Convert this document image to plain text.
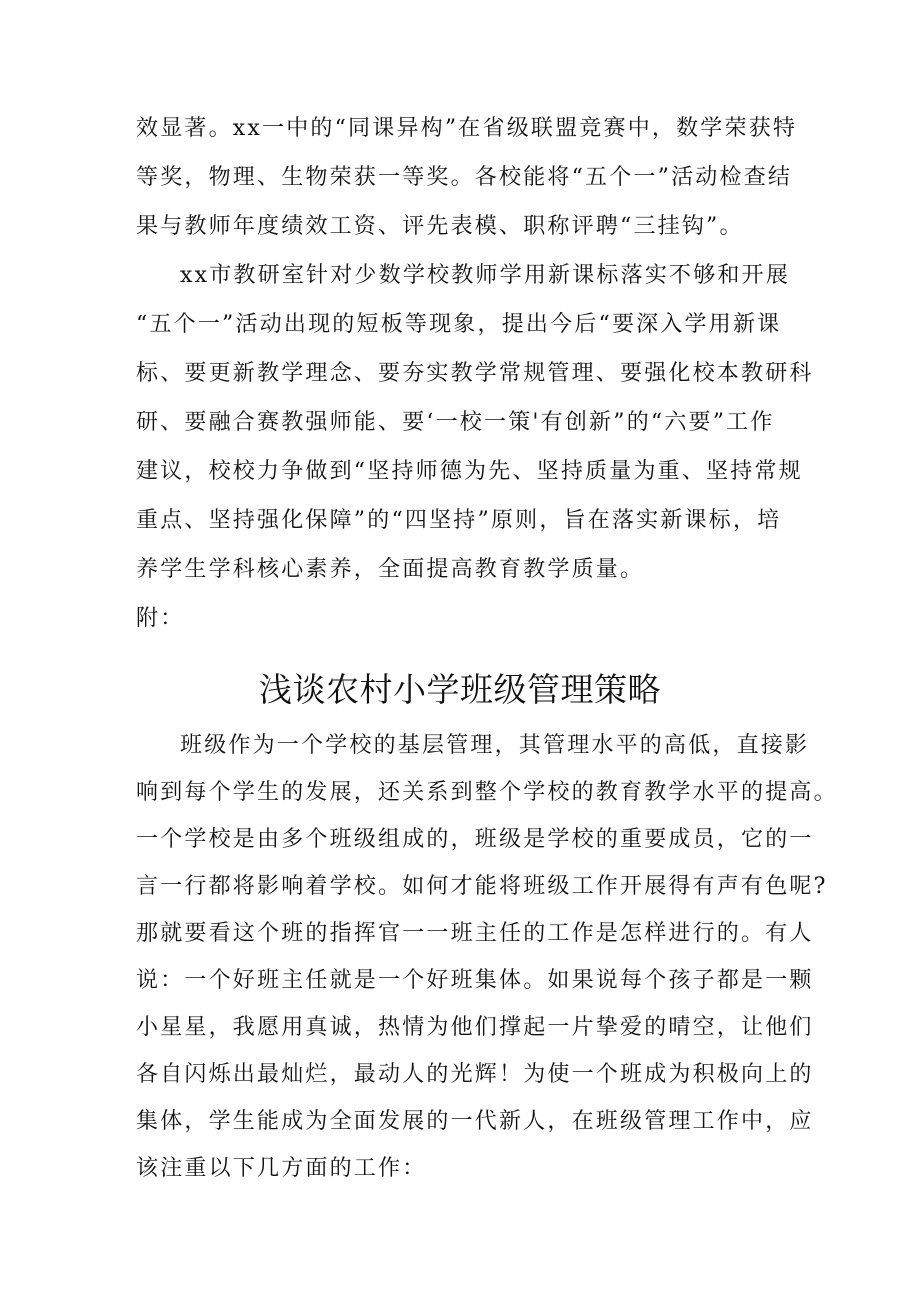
效显著。xx一中的“同课异构”在省级联盟竞赛中，数学荣获特
等奖，物理、生物荣获一等奖。各校能将“五个一”活动检查结
果与教师年度绩效工资、评先表模、职称评聘“三挂钩”。
xx市教研室针对少数学校教师学用新课标落实不够和开展
“五个一”活动出现的短板等现象，提出今后“要深入学用新课
标、要更新教学理念、要夯实教学常规管理、要强化校本教研科
研、要融合赛教强师能、要‘一校一策'有创新”的“六要”工作
建议，校校力争做到“坚持师德为先、坚持质量为重、坚持常规
重点、坚持强化保障”的“四坚持”原则，旨在落实新课标，培
养学生学科核心素养，全面提高教育教学质量。
附：
浅谈农村小学班级管理策略
班级作为一个学校的基层管理，其管理水平的高低，直接影
响到每个学生的发展，还关系到整个学校的教育教学水平的提高。
一个学校是由多个班级组成的，班级是学校的重要成员，它的一
言一行都将影响着学校。如何才能将班级工作开展得有声有色呢?
那就要看这个班的指挥官一一班主任的工作是怎样进行的。有人
说：一个好班主任就是一个好班集体。如果说每个孩子都是一颗
小星星，我愿用真诚，热情为他们撑起一片挚爱的晴空，让他们
各自闪烁出最灿烂，最动人的光辉！为使一个班成为积极向上的
集体，学生能成为全面发展的一代新人，在班级管理工作中，应
该注重以下几方面的工作：
